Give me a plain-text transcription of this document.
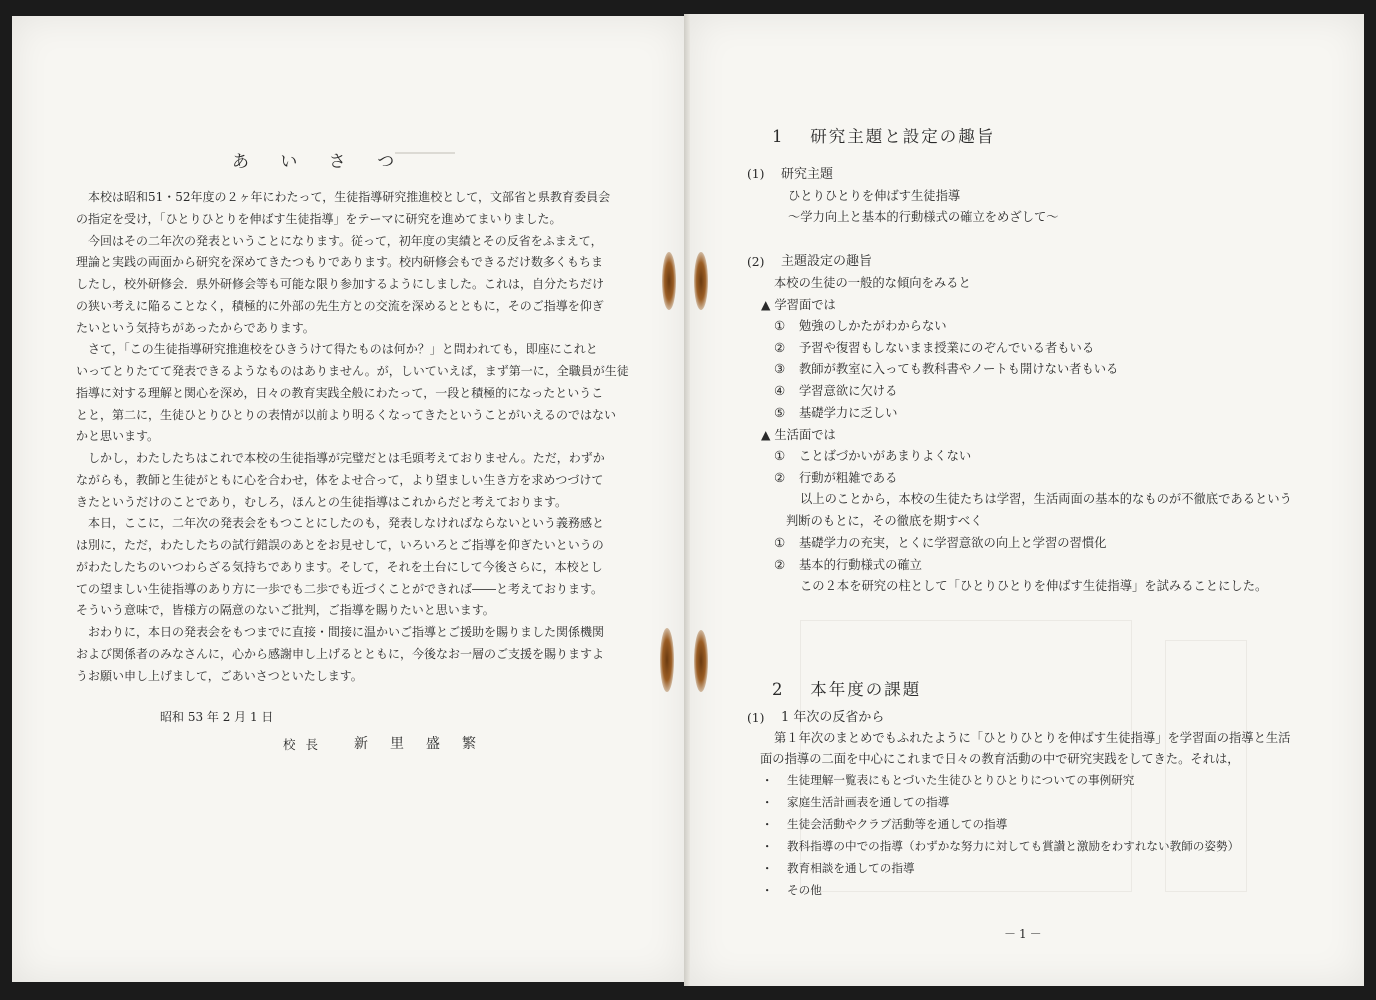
あ い さ つ
本校は昭和51・52年度の２ヶ年にわたって，生徒指導研究推進校として，文部省と県教育委員会
の指定を受け，「ひとりひとりを伸ばす生徒指導」をテーマに研究を進めてまいりました。
今回はその二年次の発表ということになります。従って，初年度の実績とその反省をふまえて，
理論と実践の両面から研究を深めてきたつもりであります。校内研修会もできるだけ数多くもちま
したし，校外研修会．県外研修会等も可能な限り参加するようにしました。これは，自分たちだけ
の狭い考えに陥ることなく，積極的に外部の先生方との交流を深めるとともに，そのご指導を仰ぎ
たいという気持ちがあったからであります。
さて，「この生徒指導研究推進校をひきうけて得たものは何か？」と問われても，即座にこれと
いってとりたてて発表できるようなものはありません。が，しいていえば，まず第一に，全職員が生徒
指導に対する理解と関心を深め，日々の教育実践全般にわたって，一段と積極的になったというこ
とと，第二に，生徒ひとりひとりの表情が以前より明るくなってきたということがいえるのではない
かと思います。
しかし，わたしたちはこれで本校の生徒指導が完璧だとは毛頭考えておりません。ただ，わずか
ながらも，教師と生徒がともに心を合わせ，体をよせ合って，より望ましい生き方を求めつづけて
きたというだけのことであり，むしろ，ほんとの生徒指導はこれからだと考えております。
本日，ここに，二年次の発表会をもつことにしたのも，発表しなければならないという義務感と
は別に，ただ，わたしたちの試行錯誤のあとをお見せして，いろいろとご指導を仰ぎたいというの
がわたしたちのいつわらざる気持ちであります。そして，それを土台にして今後さらに，本校とし
ての望ましい生徒指導のあり方に一歩でも二歩でも近づくことができれば――と考えております。
そういう意味で，皆様方の隔意のないご批判，ご指導を賜りたいと思います。
おわりに，本日の発表会をもつまでに直接・間接に温かいご指導とご援助を賜りました関係機関
および関係者のみなさんに，心から感謝申し上げるとともに，今後なお一層のご支援を賜りますよ
うお願い申し上げまして，ごあいさつといたします。
昭和 53 年 2 月 1 日
校 長 新　里　盛　繁
1　 研究主題と設定の趣旨
(1) 研究主題
ひとりひとりを伸ばす生徒指導
〜学力向上と基本的行動様式の確立をめざして〜
(2) 主題設定の趣旨
本校の生徒の一般的な傾向をみると
▲ 学習面では
① 勉強のしかたがわからない
② 予習や復習もしないまま授業にのぞんでいる者もいる
③ 教師が教室に入っても教科書やノートも開けない者もいる
④ 学習意欲に欠ける
⑤ 基礎学力に乏しい
▲ 生活面では
① ことばづかいがあまりよくない
② 行動が粗雑である
以上のことから，本校の生徒たちは学習，生活両面の基本的なものが不徹底であるという
判断のもとに，その徹底を期すべく
① 基礎学力の充実，とくに学習意欲の向上と学習の習慣化
② 基本的行動様式の確立
この２本を研究の柱として「ひとりひとりを伸ばす生徒指導」を試みることにした。
2　 本年度の課題
(1) 1 年次の反省から
第１年次のまとめでもふれたように「ひとりひとりを伸ばす生徒指導」を学習面の指導と生活
面の指導の二面を中心にこれまで日々の教育活動の中で研究実践をしてきた。それは，
・ 生徒理解一覧表にもとづいた生徒ひとりひとりについての事例研究
・ 家庭生活計画表を通しての指導
・ 生徒会活動やクラブ活動等を通しての指導
・ 教科指導の中での指導（わずかな努力に対しても賞讃と激励をわすれない教師の姿勢）
・ 教育相談を通しての指導
・ その他
－1－
